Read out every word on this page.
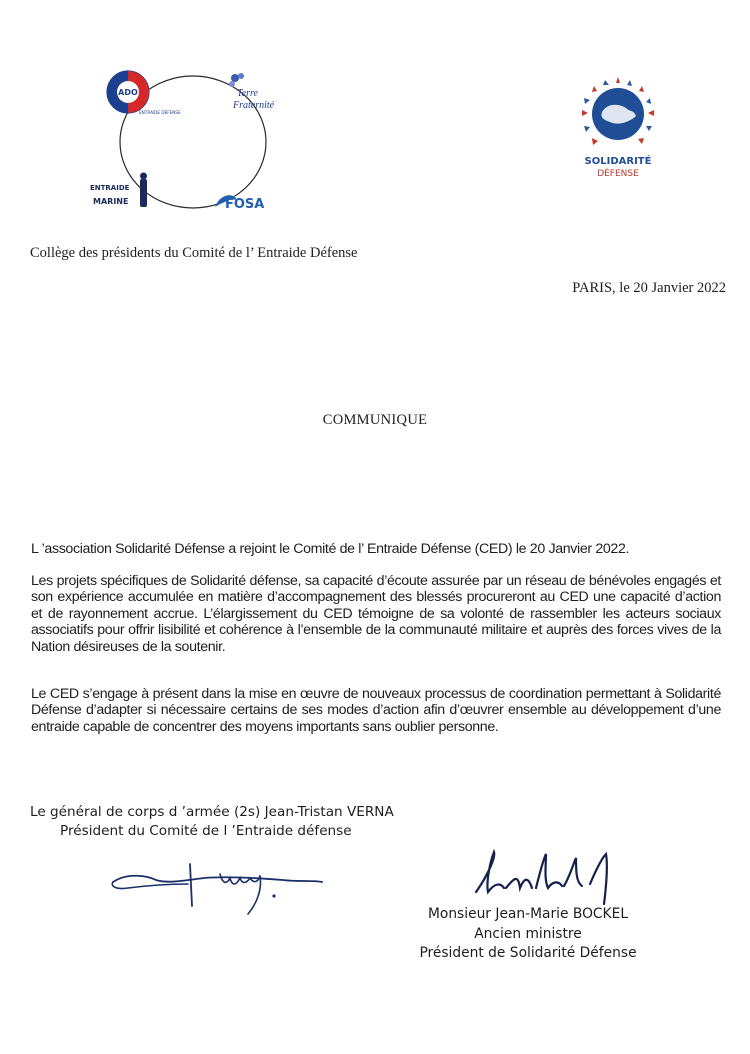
ADO
ENTRAIDE DÉFENSE
Terre
Fraternité
ENTRAIDE
MARINE	FOSA
SOLIDARITÉ
DÉFENSE
Collège des présidents du Comité de l’ Entraide Défense
PARIS, le 20 Janvier 2022
COMMUNIQUE
L ’association Solidarité Défense a rejoint le Comité de l’ Entraide Défense (CED) le 20 Janvier 2022.
Les projets spécifiques de Solidarité défense, sa capacité d’écoute assurée par un réseau de bénévoles engagés et son expérience accumulée en matière d’accompagnement des blessés procureront au CED une capacité d’action et de rayonnement accrue. L’élargissement du CED témoigne de sa volonté de rassembler les acteurs sociaux associatifs pour offrir lisibilité et cohérence à l’ensemble de la communauté militaire et auprès des forces vives de la Nation désireuses de la soutenir.
Le CED s’engage à présent dans la mise en œuvre de nouveaux processus de coordination permettant à Solidarité Défense d’adapter si nécessaire certains de ses modes d’action afin d’œuvrer ensemble au développement d’une entraide capable de concentrer des moyens importants sans oublier personne.
Le général de corps d ’armée (2s) Jean-Tristan VERNA
Président du Comité de l ’Entraide défense
Monsieur Jean-Marie BOCKEL
Ancien ministre
Président de Solidarité Défense
